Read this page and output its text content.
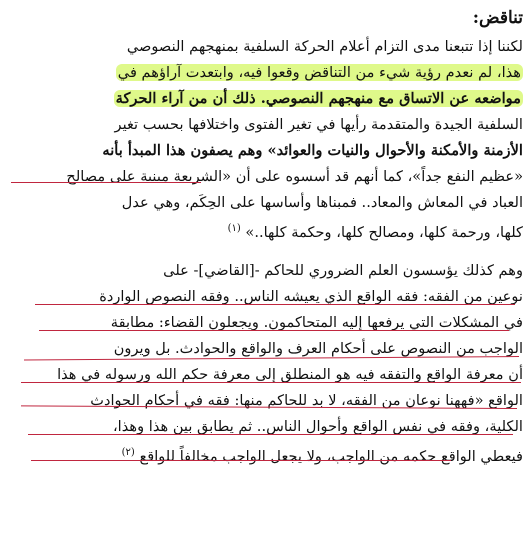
تناقض:
لكننا إذا تتبعنا مدى التزام أعلام الحركة السلفية بمنهجهم النصوصي
هذا، لم نعدم رؤية شيء من التناقض وقعوا فيه، وابتعدت آراؤهم في
مواضعه عن الاتساق مع منهجهم النصوصي. ذلك أن من آراء الحركة
السلفية الجيدة والمتقدمة رأيها في تغير الفتوى واختلافها بحسب تغير
الأزمنة والأمكنة والأحوال والنيات والعوائد» وهم يصفون هذا المبدأ بأنه
«عظيم النفع جداً»، كما أنهم قد أسسوه على أن «الشريعة مبنية على مصالح
العباد في المعاش والمعاد.. فمبناها وأساسها على الحِكَم، وهي عدل
كلها، ورحمة كلها، ومصالح كلها، وحكمة كلها..» $^{(١)}$
وهم كذلك يؤسسون العلم الضروري للحاكم -[القاضي]- على
نوعين من الفقه: فقه الواقع الذي يعيشه الناس.. وفقه النصوص الواردة
في المشكلات التي يرفعها إليه المتحاكمون. ويجعلون القضاء: مطابقة
الواجب من النصوص على أحكام العرف والواقع والحوادث. بل ويرون
أن معرفة الواقع والتفقه فيه هو المنطلق إلى معرفة حكم الله ورسوله في هذا
الواقع «فههنا نوعان من الفقه، لا بد للحاكم منها: فقه في أحكام الحوادث
الكلية، وفقه في نفس الواقع وأحوال الناس.. ثم يطابق بين هذا وهذا،
فيعطي الواقع حكمه من الواجب، ولا يجعل الواجب مخالفاً للواقع $^{(٢)}$
